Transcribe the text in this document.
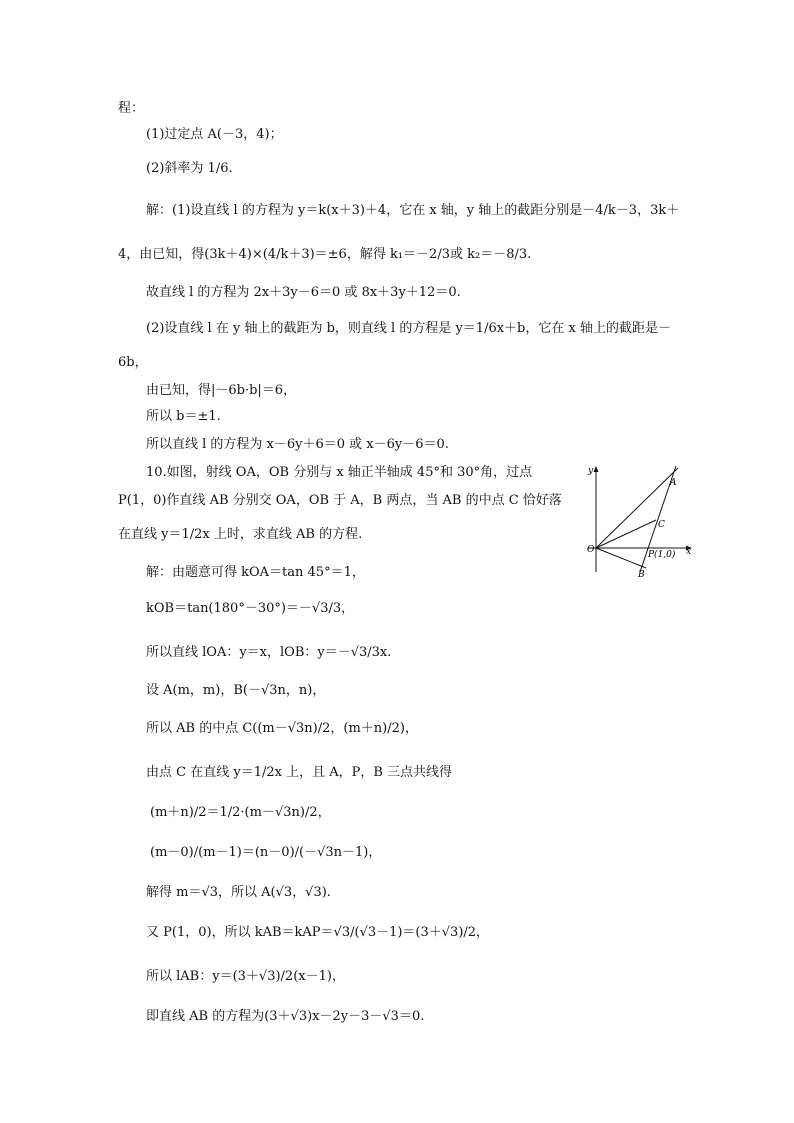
程：
(1)过定点 A(－3，4)；
(2)斜率为 1/6.
解：(1)设直线 l 的方程为 y＝k(x＋3)＋4，它在 x 轴，y 轴上的截距分别是－4/k－3，3k＋
4，由已知，得(3k＋4)×(4/k＋3)＝±6，解得 k₁＝－2/3或 k₂＝－8/3.
故直线 l 的方程为 2x＋3y－6＝0 或 8x＋3y＋12＝0.
(2)设直线 l 在 y 轴上的截距为 b，则直线 l 的方程是 y＝1/6x＋b，它在 x 轴上的截距是－
6b，
由已知，得|－6b·b|＝6，
所以 b＝±1.
所以直线 l 的方程为 x－6y＋6＝0 或 x－6y－6＝0.
10.如图，射线 OA，OB 分别与 x 轴正半轴成 45°和 30°角，过点
P(1，0)作直线 AB 分别交 OA，OB 于 A，B 两点，当 AB 的中点 C 恰好落
在直线 y＝1/2x 上时，求直线 AB 的方程.
解：由题意可得 kOA＝tan 45°＝1，
kOB＝tan(180°－30°)＝－√3/3，
所以直线 lOA：y＝x，lOB：y＝－√3/3x.
设 A(m，m)，B(－√3n，n)，
所以 AB 的中点 C((m－√3n)/2，(m＋n)/2)，
由点 C 在直线 y＝1/2x 上，且 A，P，B 三点共线得
(m＋n)/2＝1/2·(m－√3n)/2，
(m－0)/(m－1)＝(n－0)/(－√3n－1)，
解得 m＝√3，所以 A(√3，√3).
又 P(1，0)，所以 kAB＝kAP＝√3/(√3－1)＝(3＋√3)/2，
所以 lAB：y＝(3＋√3)/2(x－1)，
即直线 AB 的方程为(3＋√3)x－2y－3－√3＝0.
y
A
C
O	P(1,0) x
B
